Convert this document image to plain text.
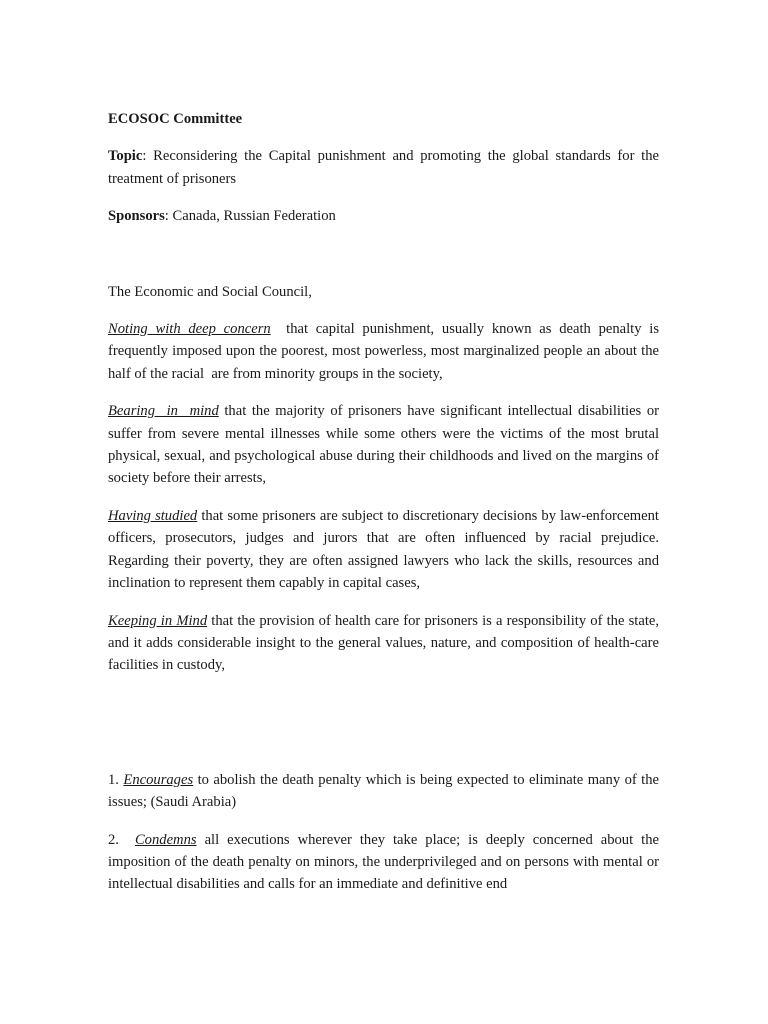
ECOSOC Committee

Topic: Reconsidering the Capital punishment and promoting the global standards for the treatment of prisoners

Sponsors: Canada, Russian Federation

The Economic and Social Council,

Noting with deep concern  that capital punishment, usually known as death penalty is frequently imposed upon the poorest, most powerless, most marginalized people an about the half of the racial  are from minority groups in the society,

Bearing in mind that the majority of prisoners have significant intellectual disabilities or suffer from severe mental illnesses while some others were the victims of the most brutal physical, sexual, and psychological abuse during their childhoods and lived on the margins of society before their arrests,

Having studied that some prisoners are subject to discretionary decisions by law-enforcement officers, prosecutors, judges and jurors that are often influenced by racial prejudice. Regarding their poverty, they are often assigned lawyers who lack the skills, resources and inclination to represent them capably in capital cases,

Keeping in Mind that the provision of health care for prisoners is a responsibility of the state, and it adds considerable insight to the general values, nature, and composition of health-care facilities in custody,

1. Encourages to abolish the death penalty which is being expected to eliminate many of the issues; (Saudi Arabia)

2.  Condemns all executions wherever they take place; is deeply concerned about the imposition of the death penalty on minors, the underprivileged and on persons with mental or intellectual disabilities and calls for an immediate and definitive end
